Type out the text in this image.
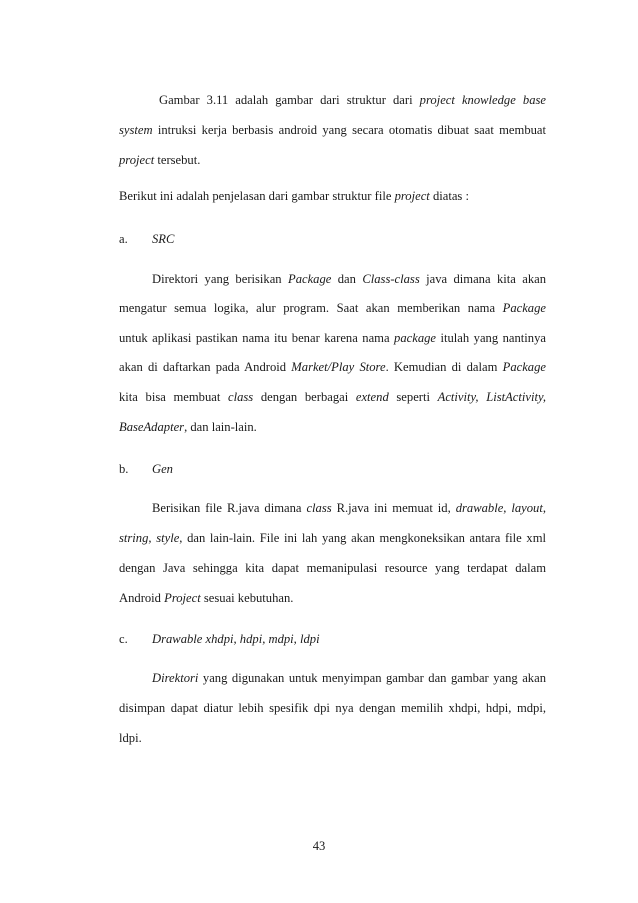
Gambar 3.11 adalah gambar dari struktur dari project knowledge base
system intruksi kerja berbasis android yang secara otomatis dibuat saat membuat
project tersebut.
Berikut ini adalah penjelasan dari gambar struktur file project diatas :
a. SRC
Direktori yang berisikan Package dan Class-class java dimana kita akan
mengatur semua logika, alur program. Saat akan memberikan nama Package
untuk aplikasi pastikan nama itu benar karena nama package itulah yang nantinya
akan di daftarkan pada Android Market/Play Store. Kemudian di dalam Package
kita bisa membuat class dengan berbagai extend seperti Activity, ListActivity,
BaseAdapter, dan lain-lain.
b. Gen
Berisikan file R.java dimana class R.java ini memuat id, drawable, layout,
string, style, dan lain-lain. File ini lah yang akan mengkoneksikan antara file xml
dengan Java sehingga kita dapat memanipulasi resource yang terdapat dalam
Android Project sesuai kebutuhan.
c. Drawable xhdpi, hdpi, mdpi, ldpi
Direktori yang digunakan untuk menyimpan gambar dan gambar yang akan
disimpan dapat diatur lebih spesifik dpi nya dengan memilih xhdpi, hdpi, mdpi,
ldpi.
43
